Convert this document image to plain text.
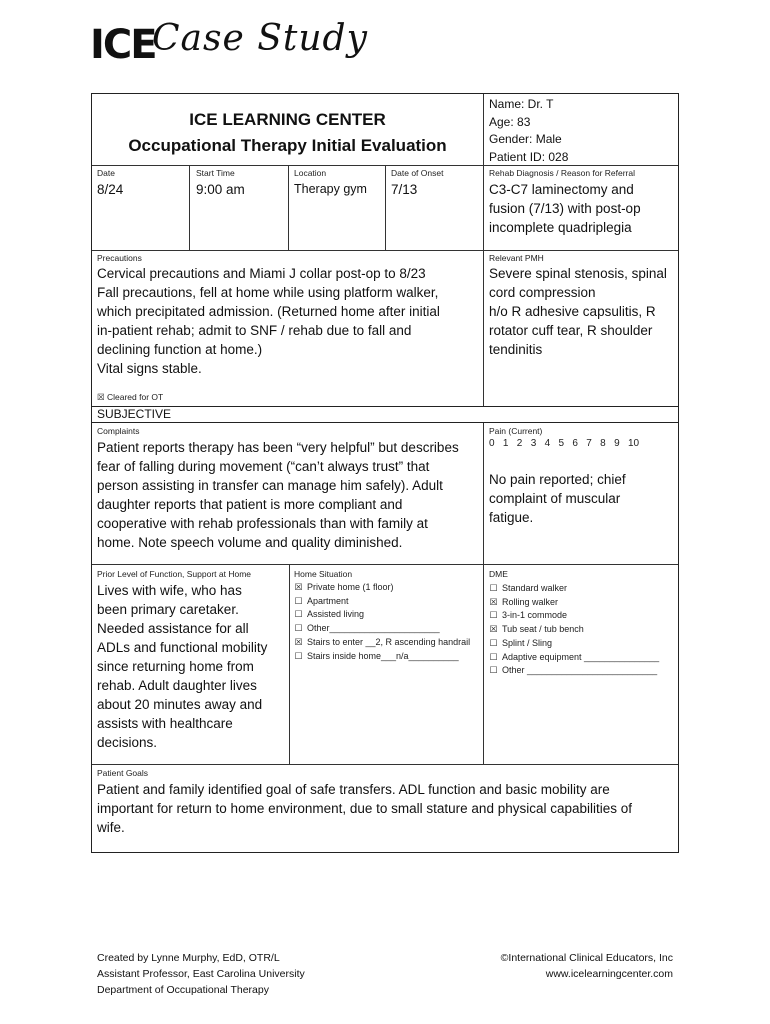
ICE
Case Study
ICE LEARNING CENTER
Occupational Therapy Initial Evaluation
Name: Dr. T
Age: 83
Gender: Male
Patient ID: 028
Date
8/24
Start Time
9:00 am
Location
Therapy gym
Date of Onset
7/13
Rehab Diagnosis / Reason for Referral
C3-C7 laminectomy and
fusion (7/13) with post-op
incomplete quadriplegia
Precautions
Cervical precautions and Miami J collar post-op to 8/23
Fall precautions, fell at home while using platform walker,
which precipitated admission. (Returned home after initial
in-patient rehab; admit to SNF / rehab due to fall and
declining function at home.)
Vital signs stable.
☒ Cleared for OT
Relevant PMH
Severe spinal stenosis, spinal
cord compression
h/o R adhesive capsulitis, R
rotator cuff tear, R shoulder
tendinitis
SUBJECTIVE
Complaints
Patient reports therapy has been “very helpful” but describes
fear of falling during movement (“can’t always trust” that
person assisting in transfer can manage him safely). Adult
daughter reports that patient is more compliant and
cooperative with rehab professionals than with family at
home. Note speech volume and quality diminished.
Pain (Current)
0   1   2   3   4   5   6   7   8   9   10
No pain reported; chief
complaint of muscular
fatigue.
Prior Level of Function, Support at Home
Lives with wife, who has
been primary caretaker.
Needed assistance for all
ADLs and functional mobility
since returning home from
rehab. Adult daughter lives
about 20 minutes away and
assists with healthcare
decisions.
Home Situation
☒ Private home (1 floor)
☐ Apartment
☐ Assisted living
☐ Other______________________
☒ Stairs to enter __2, R ascending handrail
☐ Stairs inside home___n/a__________
DME
☐ Standard walker
☒ Rolling walker
☐ 3-in-1 commode
☒ Tub seat / tub bench
☐ Splint / Sling
☐ Adaptive equipment _______________
☐ Other __________________________
Patient Goals
Patient and family identified goal of safe transfers. ADL function and basic mobility are
important for return to home environment, due to small stature and physical capabilities of
wife.
Created by Lynne Murphy, EdD, OTR/L
Assistant Professor, East Carolina University
Department of Occupational Therapy
©International Clinical Educators, Inc
www.icelearningcenter.com
